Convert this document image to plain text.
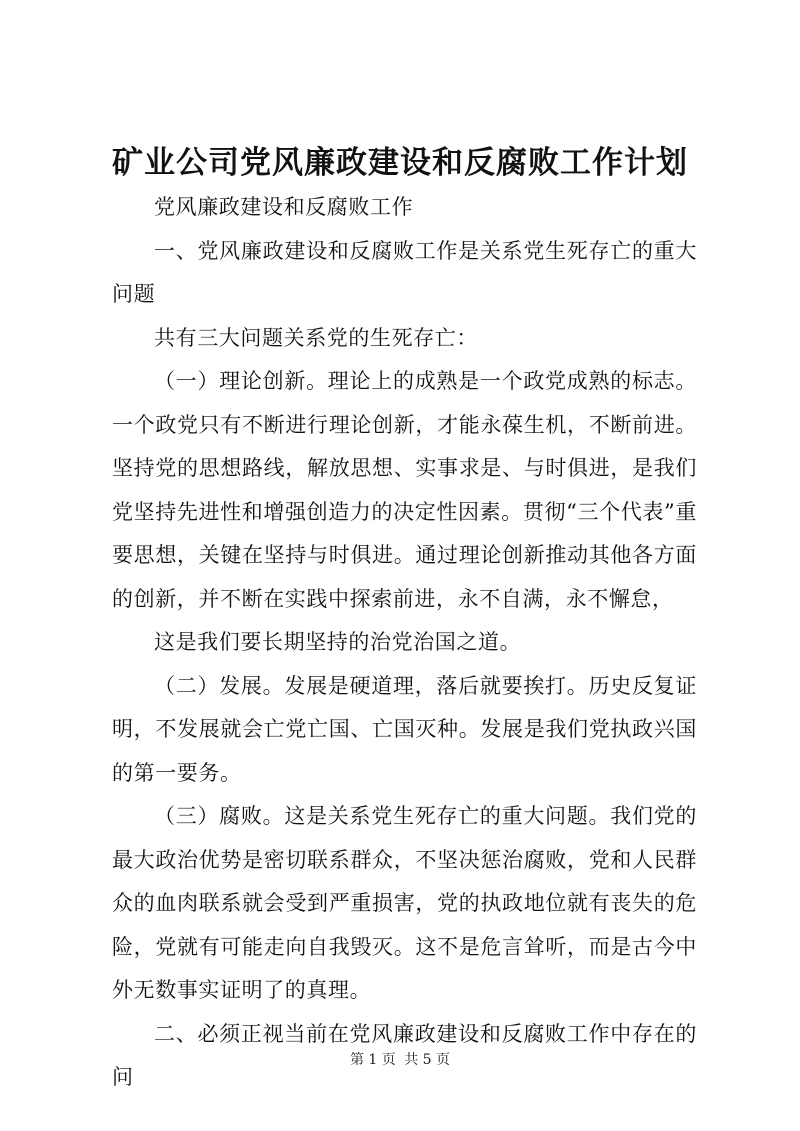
矿业公司党风廉政建设和反腐败工作计划

党风廉政建设和反腐败工作

一、党风廉政建设和反腐败工作是关系党生死存亡的重大问题

共有三大问题关系党的生死存亡：

（一）理论创新。理论上的成熟是一个政党成熟的标志。一个政党只有不断进行理论创新，才能永葆生机，不断前进。坚持党的思想路线，解放思想、实事求是、与时俱进，是我们党坚持先进性和增强创造力的决定性因素。贯彻“三个代表”重要思想，关键在坚持与时俱进。通过理论创新推动其他各方面的创新，并不断在实践中探索前进，永不自满，永不懈怠，

这是我们要长期坚持的治党治国之道。

（二）发展。发展是硬道理，落后就要挨打。历史反复证明，不发展就会亡党亡国、亡国灭种。发展是我们党执政兴国的第一要务。

（三）腐败。这是关系党生死存亡的重大问题。我们党的最大政治优势是密切联系群众，不坚决惩治腐败，党和人民群众的血肉联系就会受到严重损害，党的执政地位就有丧失的危险，党就有可能走向自我毁灭。这不是危言耸听，而是古今中外无数事实证明了的真理。

二、必须正视当前在党风廉政建设和反腐败工作中存在的问

第 1 页 共 5 页
